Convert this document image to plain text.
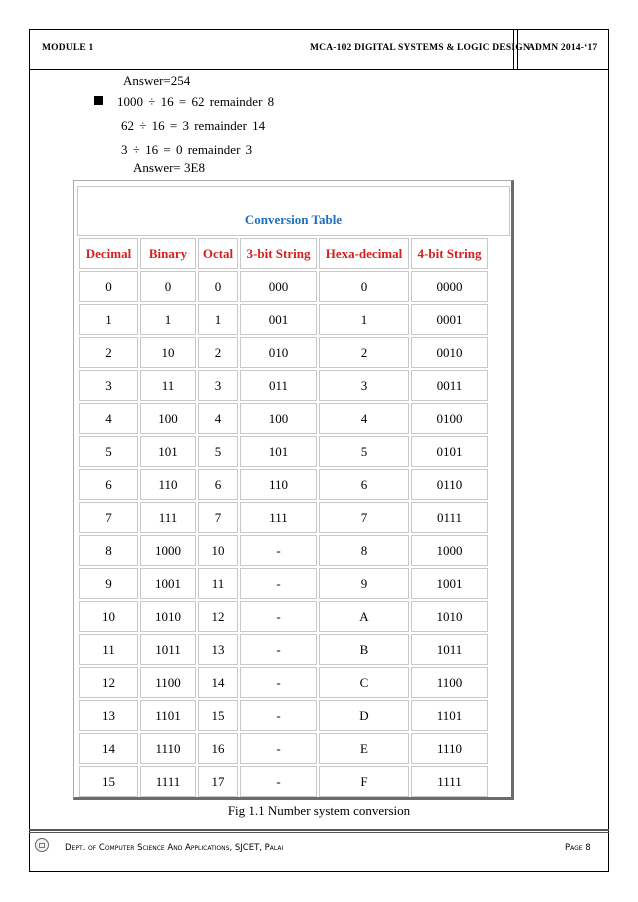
MODULE 1	MCA-102 DIGITAL SYSTEMS & LOGIC DESIGN
ADMN 2014-‘17
Answer=254
1000 ÷ 16 = 62 remainder 8
62 ÷ 16 = 3 remainder 14
3 ÷ 16 = 0 remainder 3
Answer= 3E8
Conversion Table
Decimal	Binary	Octal	3-bit String	Hexa-decimal	4-bit String
0	0	0	000	0	0000
1	1	1	001	1	0001
2	10	2	010	2	0010
3	11	3	011	3	0011
4	100	4	100	4	0100
5	101	5	101	5	0101
6	110	6	110	6	0110
7	111	7	111	7	0111
8	1000	10	-	8	1000
9	1001	11	-	9	1001
10	1010	12	-	A	1010
11	1011	13	-	B	1011
12	1100	14	-	C	1100
13	1101	15	-	D	1101
14	1110	16	-	E	1110
15	1111	17	-	F	1111
Fig 1.1 Number system conversion
Dept. of Computer Science And Applications, SJCET, Palai	Page 8
